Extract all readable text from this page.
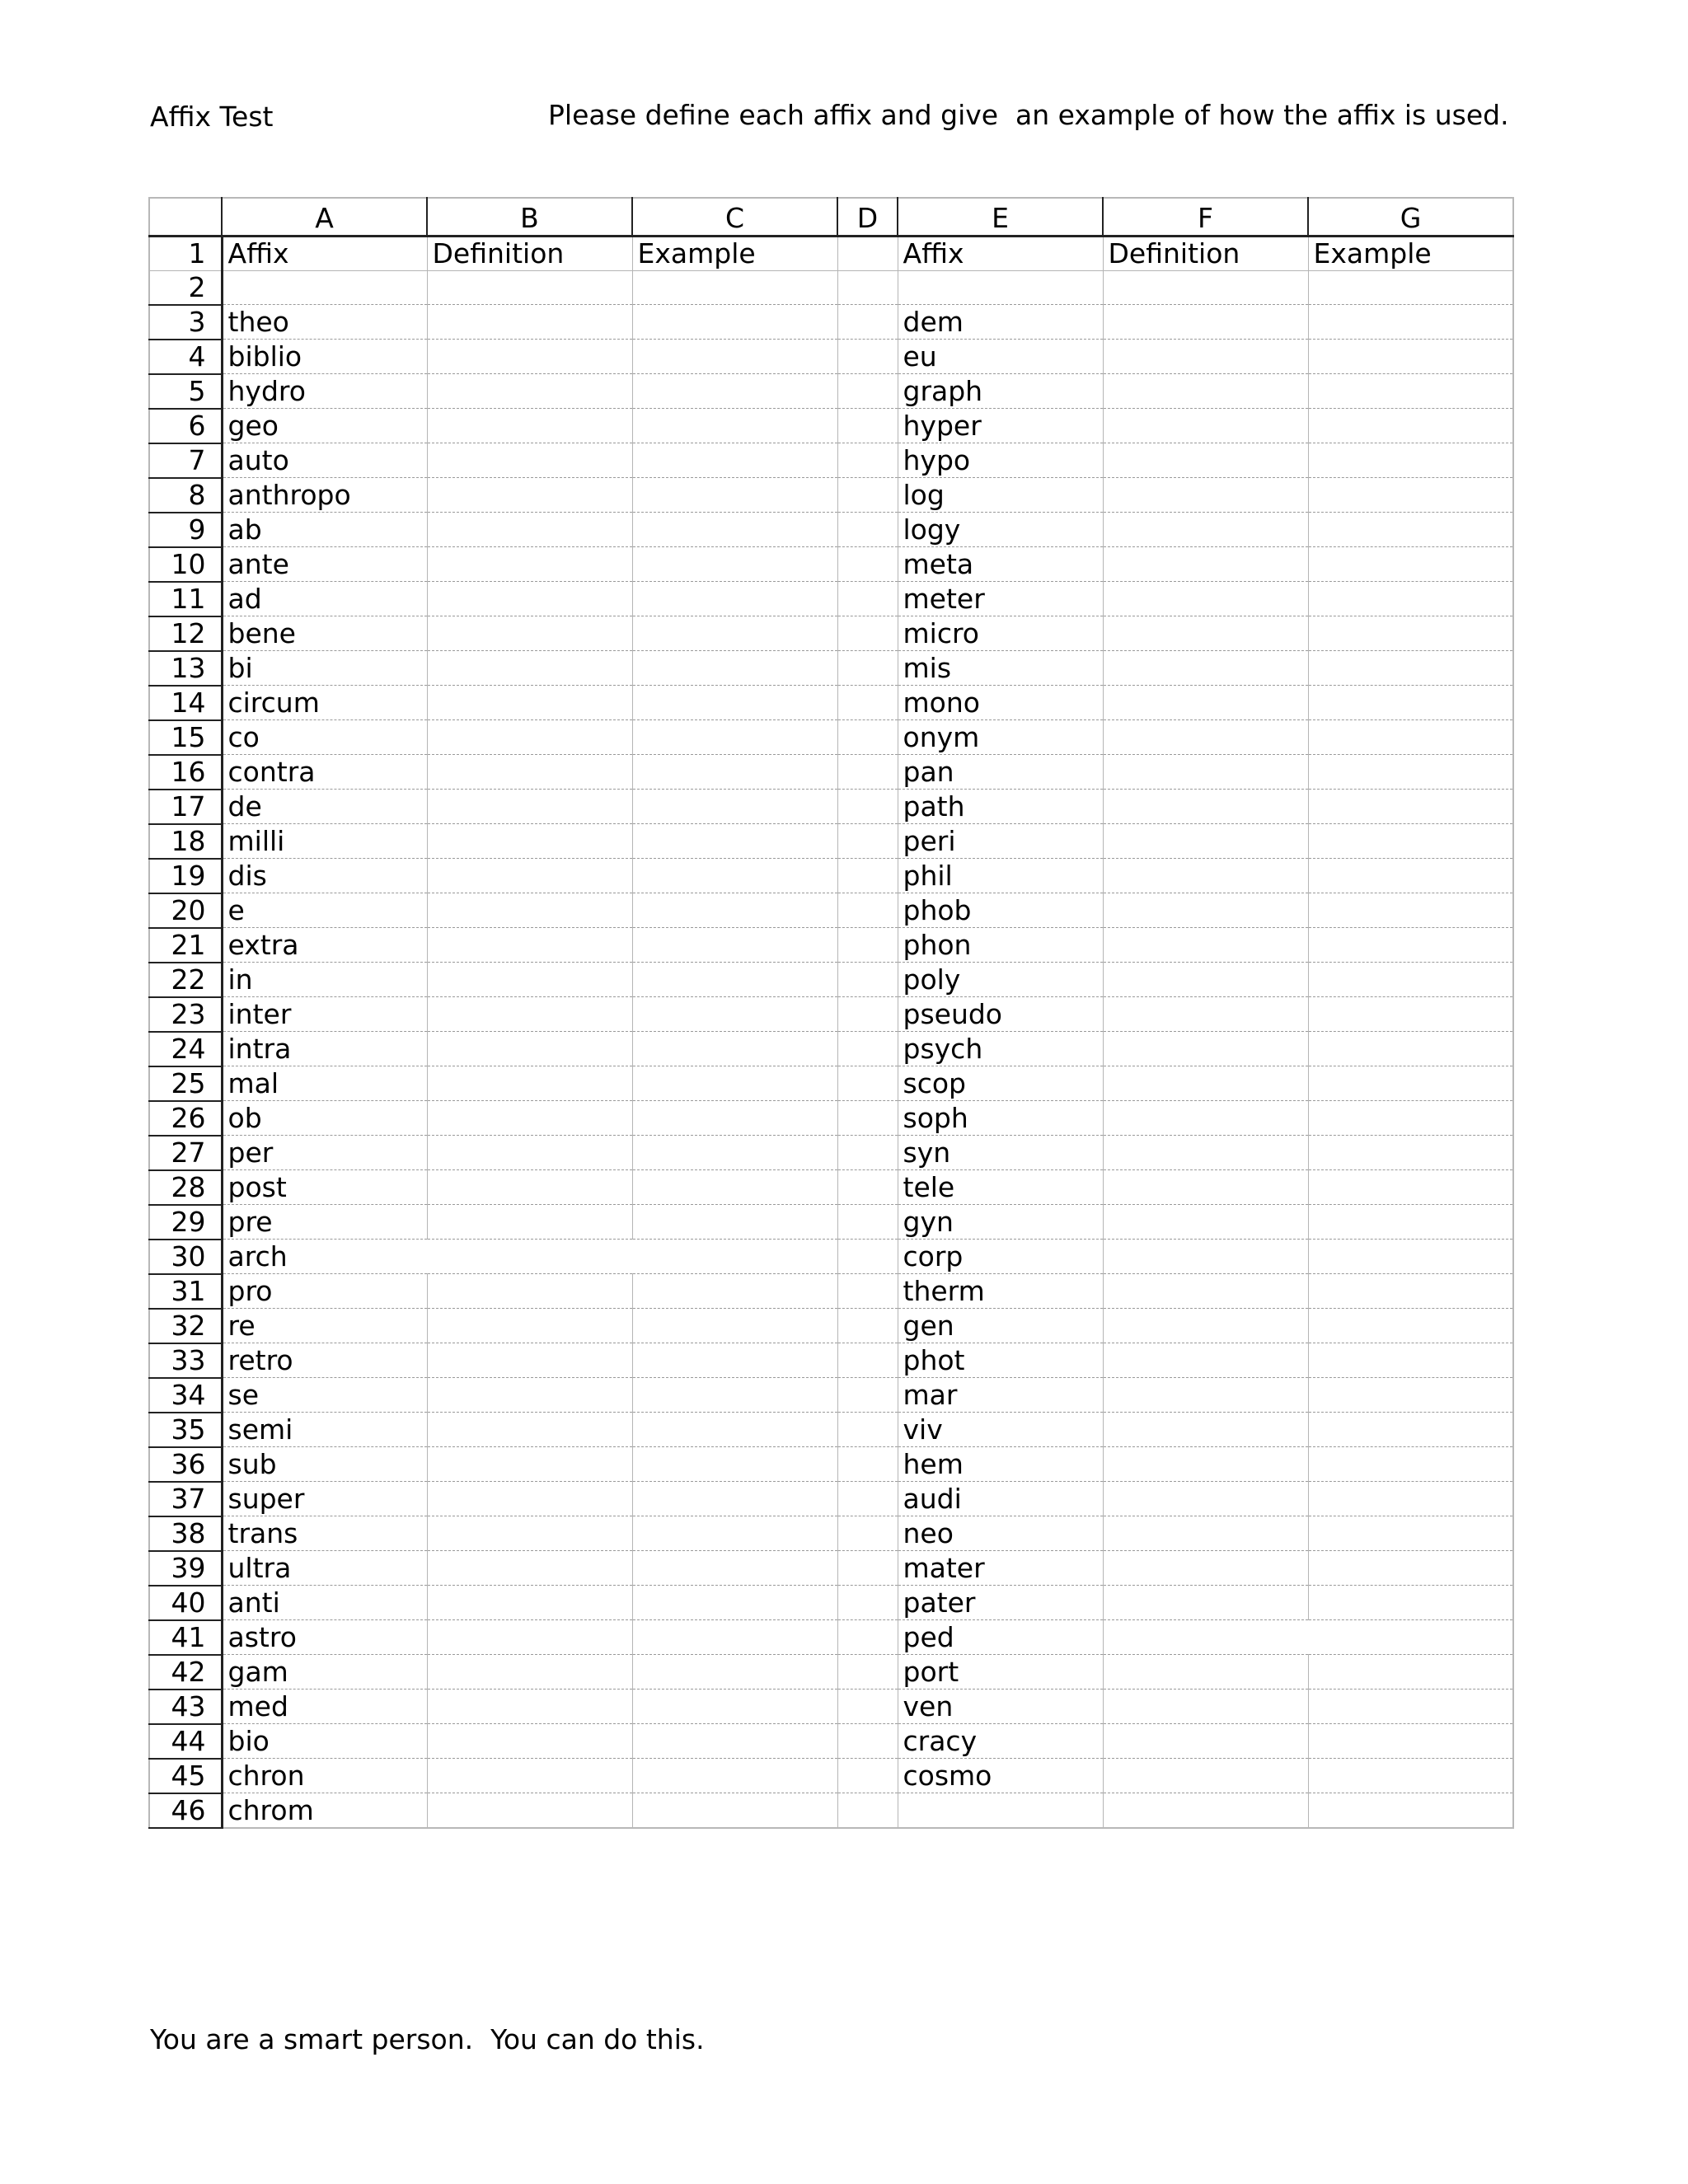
Affix Test	Please define each affix and give  an example of how the affix is used.
	A	B	C	D	E	F	G
1	Affix	Definition	Example		Affix	Definition	Example
2							
3	theo				dem		
4	biblio				eu		
5	hydro				graph		
6	geo				hyper		
7	auto				hypo		
8	anthropo				log		
9	ab				logy		
10	ante				meta		
11	ad				meter		
12	bene				micro		
13	bi				mis		
14	circum				mono		
15	co				onym		
16	contra				pan		
17	de				path		
18	milli				peri		
19	dis				phil		
20	e				phob		
21	extra				phon		
22	in				poly		
23	inter				pseudo		
24	intra				psych		
25	mal				scop		
26	ob				soph		
27	per				syn		
28	post				tele		
29	pre				gyn		
30	arch				corp		
31	pro				therm		
32	re				gen		
33	retro				phot		
34	se				mar		
35	semi				viv		
36	sub				hem		
37	super				audi		
38	trans				neo		
39	ultra				mater		
40	anti				pater		
41	astro				ped		
42	gam				port		
43	med				ven		
44	bio				cracy		
45	chron				cosmo		
46	chrom						
You are a smart person.  You can do this.
